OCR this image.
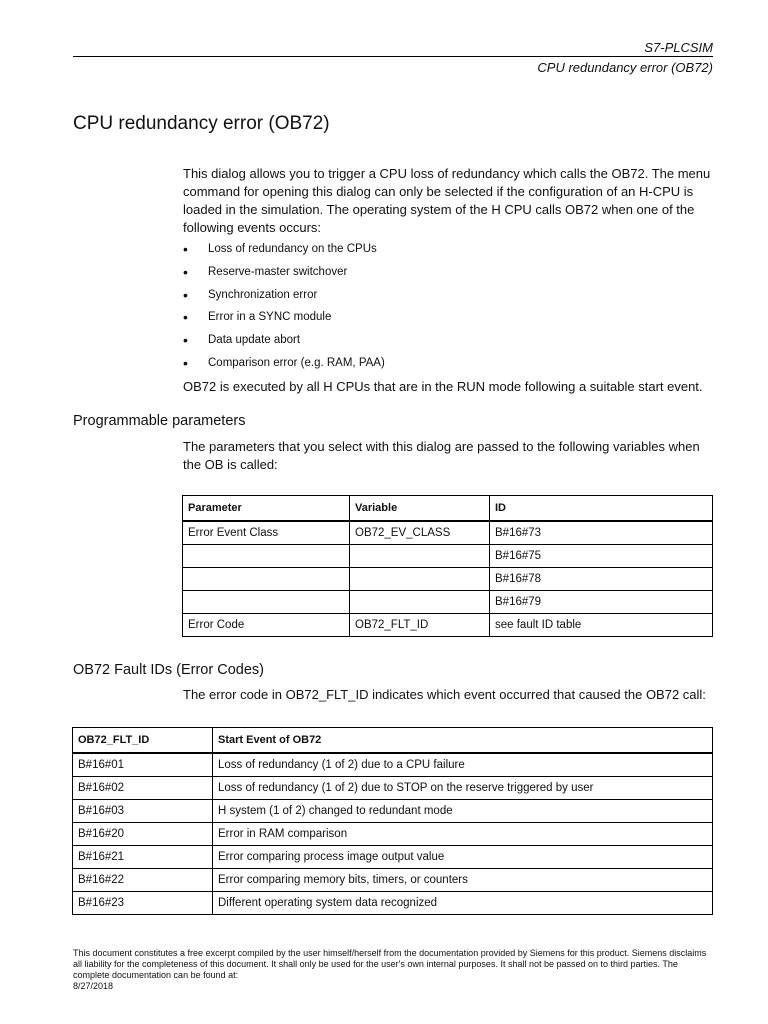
S7-PLCSIM
CPU redundancy error (OB72)
CPU redundancy error (OB72)
This dialog allows you to trigger a CPU loss of redundancy which calls the OB72. The menu command for opening this dialog can only be selected if the configuration of an H-CPU is loaded in the simulation. The operating system of the H CPU calls OB72 when one of the following events occurs:
• Loss of redundancy on the CPUs
• Reserve-master switchover
• Synchronization error
• Error in a SYNC module
• Data update abort
• Comparison error (e.g. RAM, PAA)
OB72 is executed by all H CPUs that are in the RUN mode following a suitable start event.
Programmable parameters
The parameters that you select with this dialog are passed to the following variables when the OB is called:
Parameter	Variable	ID
Error Event Class	OB72_EV_CLASS	B#16#73
		B#16#75
		B#16#78
		B#16#79
Error Code	OB72_FLT_ID	see fault ID table
OB72 Fault IDs (Error Codes)
The error code in OB72_FLT_ID indicates which event occurred that caused the OB72 call:
OB72_FLT_ID	Start Event of OB72
B#16#01	Loss of redundancy (1 of 2) due to a CPU failure
B#16#02	Loss of redundancy (1 of 2) due to STOP on the reserve triggered by user
B#16#03	H system (1 of 2) changed to redundant mode
B#16#20	Error in RAM comparison
B#16#21	Error comparing process image output value
B#16#22	Error comparing memory bits, timers, or counters
B#16#23	Different operating system data recognized
This document constitutes a free excerpt compiled by the user himself/herself from the documentation provided by Siemens for this product. Siemens disclaims all liability for the completeness of this document. It shall only be used for the user's own internal purposes. It shall not be passed on to third parties. The complete documentation can be found at:
8/27/2018
